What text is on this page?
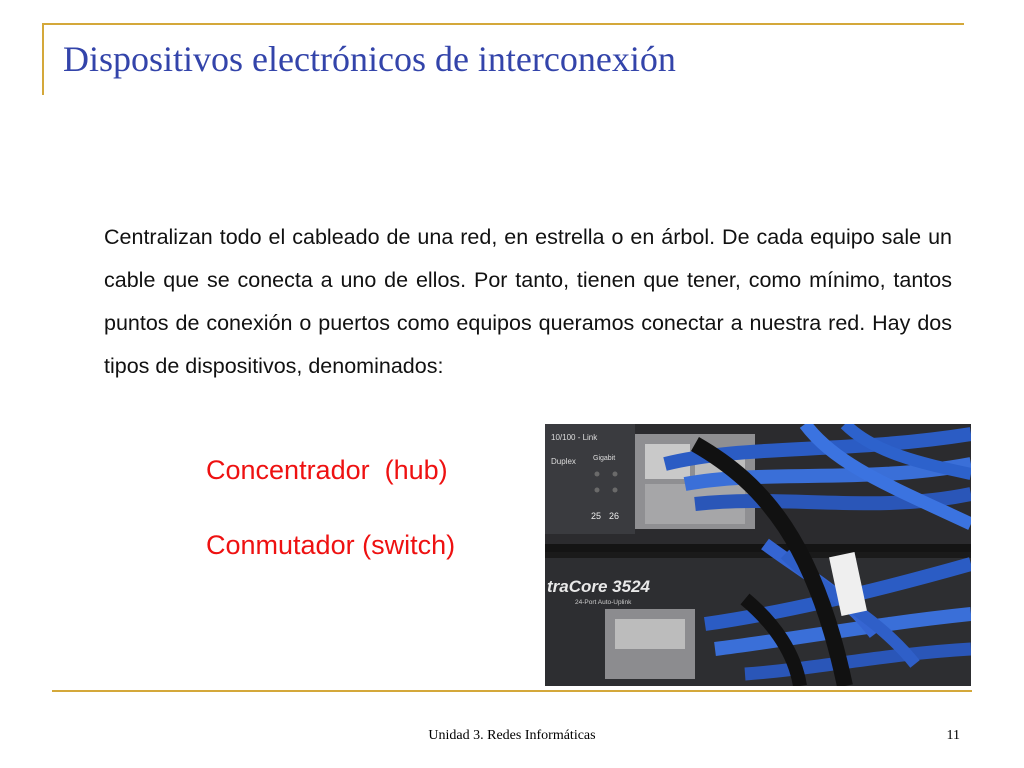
Dispositivos electrónicos de interconexión
Centralizan todo el cableado de una red, en estrella o en árbol. De cada equipo sale un cable que se conecta a uno de ellos. Por tanto, tienen que tener, como mínimo, tantos puntos de conexión o puertos como equipos queramos conectar a nuestra red. Hay dos tipos de dispositivos, denominados:
Concentrador  (hub)
Conmutador (switch)
10/100 - Link
Duplex Gigabit
25 26
traCore 3524
24-Port Auto-Uplink
Unidad 3. Redes Informáticas	11
